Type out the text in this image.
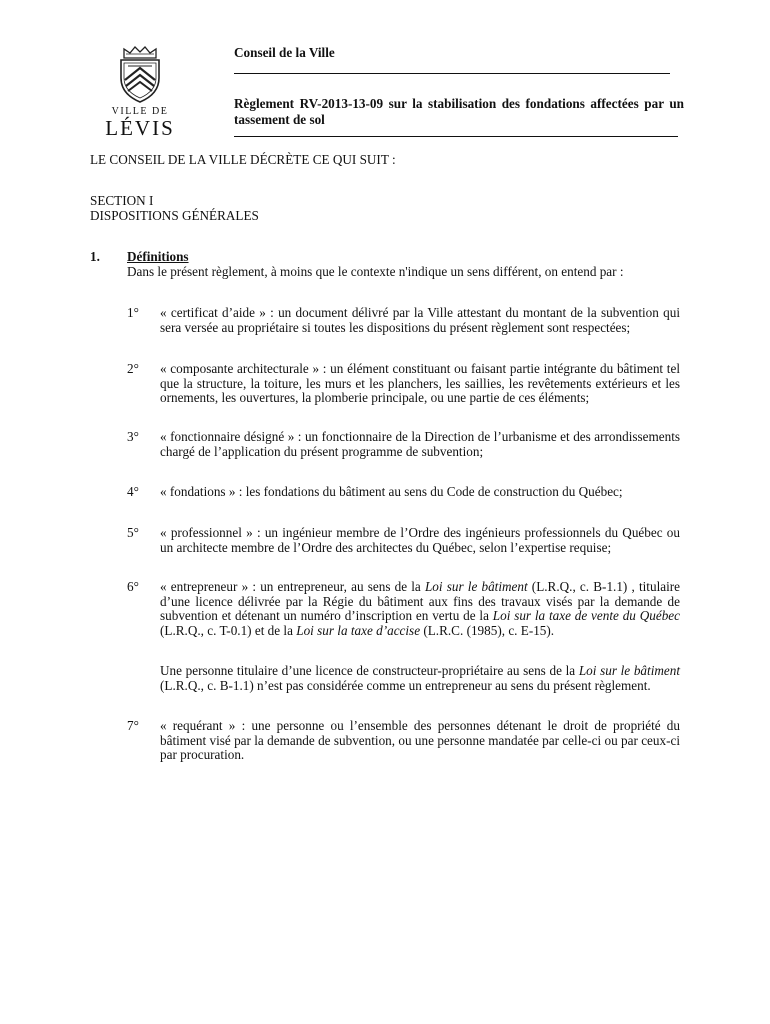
VILLE DE
LÉVIS
Conseil de la Ville
Règlement RV-2013-13-09 sur la stabilisation des fondations affectées par un tassement de sol
LE CONSEIL DE LA VILLE DÉCRÈTE CE QUI SUIT :
SECTION I
DISPOSITIONS GÉNÉRALES
1. Définitions
Dans le présent règlement, à moins que le contexte n'indique un sens différent, on entend par :
1° « certificat d’aide » : un document délivré par la Ville attestant du montant de la subvention qui sera versée au propriétaire si toutes les dispositions du présent règlement sont respectées;
2° « composante architecturale » : un élément constituant ou faisant partie intégrante du bâtiment tel que la structure, la toiture, les murs et les planchers, les saillies, les revêtements extérieurs et les ornements, les ouvertures, la plomberie principale, ou une partie de ces éléments;
3° « fonctionnaire désigné » : un fonctionnaire de la Direction de l’urbanisme et des arrondissements chargé de l’application du présent programme de subvention;
4° « fondations » : les fondations du bâtiment au sens du Code de construction du Québec;
5° « professionnel » : un ingénieur membre de l’Ordre des ingénieurs professionnels du Québec ou un architecte membre de l’Ordre des architectes du Québec, selon l’expertise requise;
6° « entrepreneur » : un entrepreneur, au sens de la Loi sur le bâtiment (L.R.Q., c. B-1.1) , titulaire d’une licence délivrée par la Régie du bâtiment aux fins des travaux visés par la demande de subvention et détenant un numéro d’inscription en vertu de la Loi sur la taxe de vente du Québec (L.R.Q., c. T-0.1) et de la Loi sur la taxe d’accise (L.R.C. (1985), c. E-15).
Une personne titulaire d’une licence de constructeur-propriétaire au sens de la Loi sur le bâtiment (L.R.Q., c. B-1.1) n’est pas considérée comme un entrepreneur au sens du présent règlement.
7° « requérant » : une personne ou l’ensemble des personnes détenant le droit de propriété du bâtiment visé par la demande de subvention, ou une personne mandatée par celle-ci ou par ceux-ci par procuration.
